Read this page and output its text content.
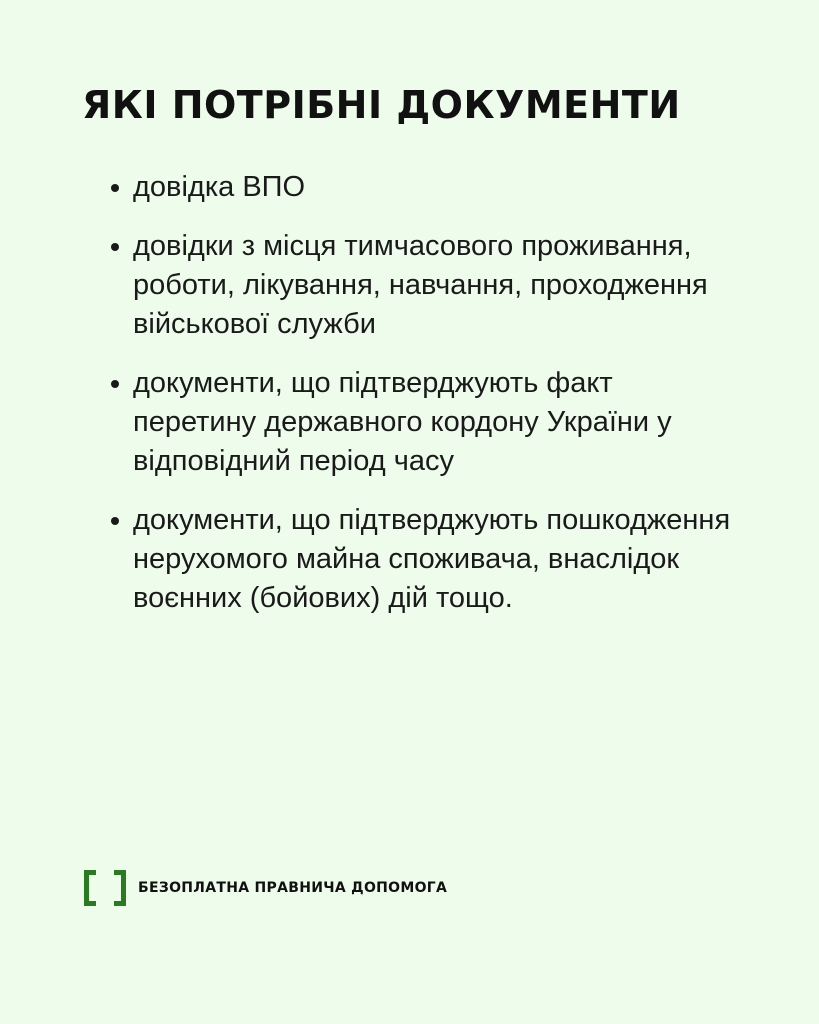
ЯКІ ПОТРІБНІ ДОКУМЕНТИ
довідка ВПО
довідки з місця тимчасового проживання, роботи, лікування, навчання, проходження військової служби
документи, що підтверджують факт перетину державного кордону України у відповідний період часу
документи, що підтверджують пошкодження нерухомого майна споживача, внаслідок воєнних (бойових) дій тощо.
БЕЗОПЛАТНА ПРАВНИЧА ДОПОМОГА
